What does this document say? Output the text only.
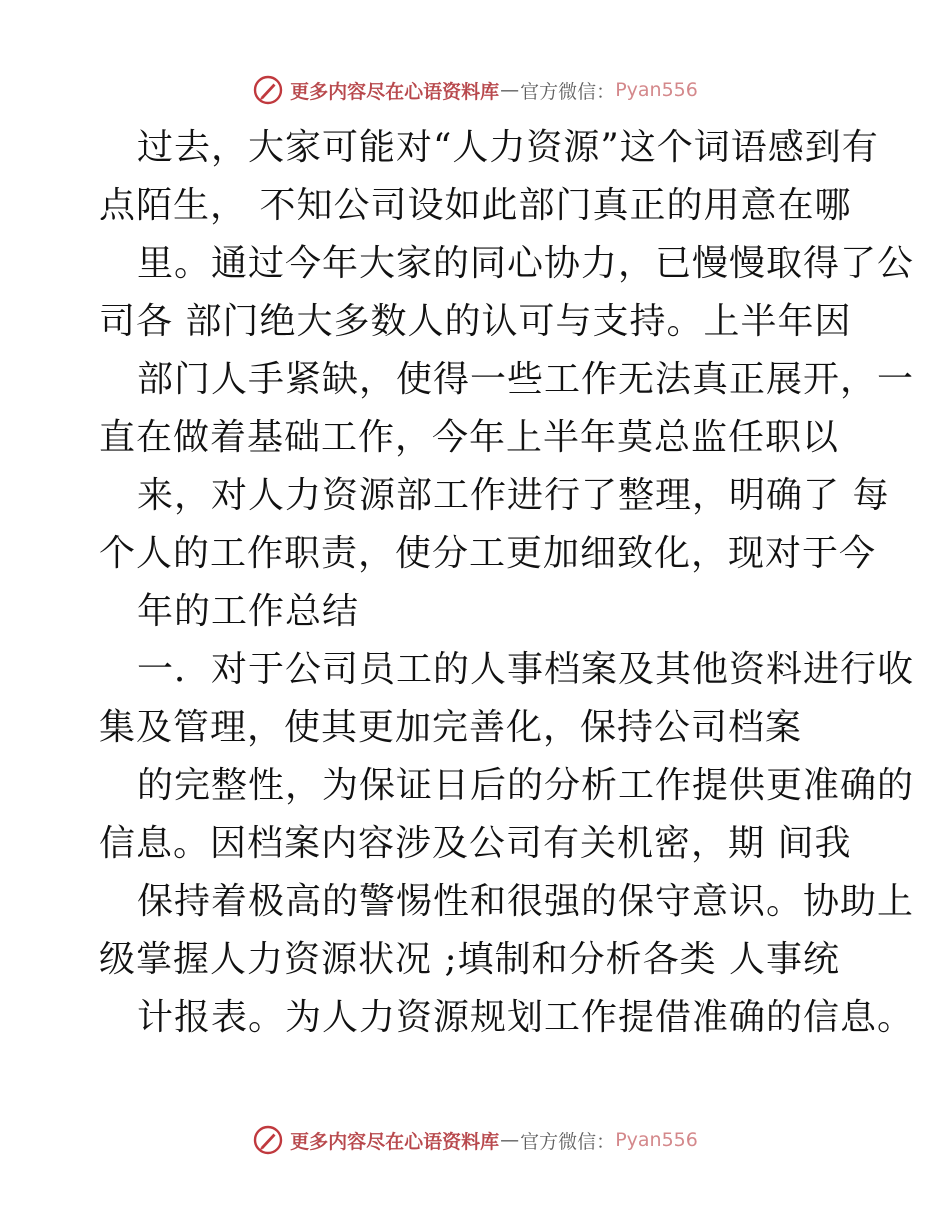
更多内容尽在心语资料库 — 官方微信： Pyan556
过去，大家可能对“人力资源”这个词语感到有
点陌生， 不知公司设如此部门真正的用意在哪
里。通过今年大家的同心协力，已慢慢取得了公
司各 部门绝大多数人的认可与支持。上半年因
部门人手紧缺，使得一些工作无法真正展开，一
直在做着基础工作，今年上半年莫总监任职以
来，对人力资源部工作进行了整理，明确了 每
个人的工作职责，使分工更加细致化，现对于今
年的工作总结
一．对于公司员工的人事档案及其他资料进行收
集及管理，使其更加完善化，保持公司档案
的完整性，为保证日后的分析工作提供更准确的
信息。因档案内容涉及公司有关机密，期 间我
保持着极高的警惕性和很强的保守意识。协助上
级掌握人力资源状况 ;填制和分析各类 人事统
计报表。为人力资源规划工作提借准确的信息。
更多内容尽在心语资料库 — 官方微信： Pyan556
